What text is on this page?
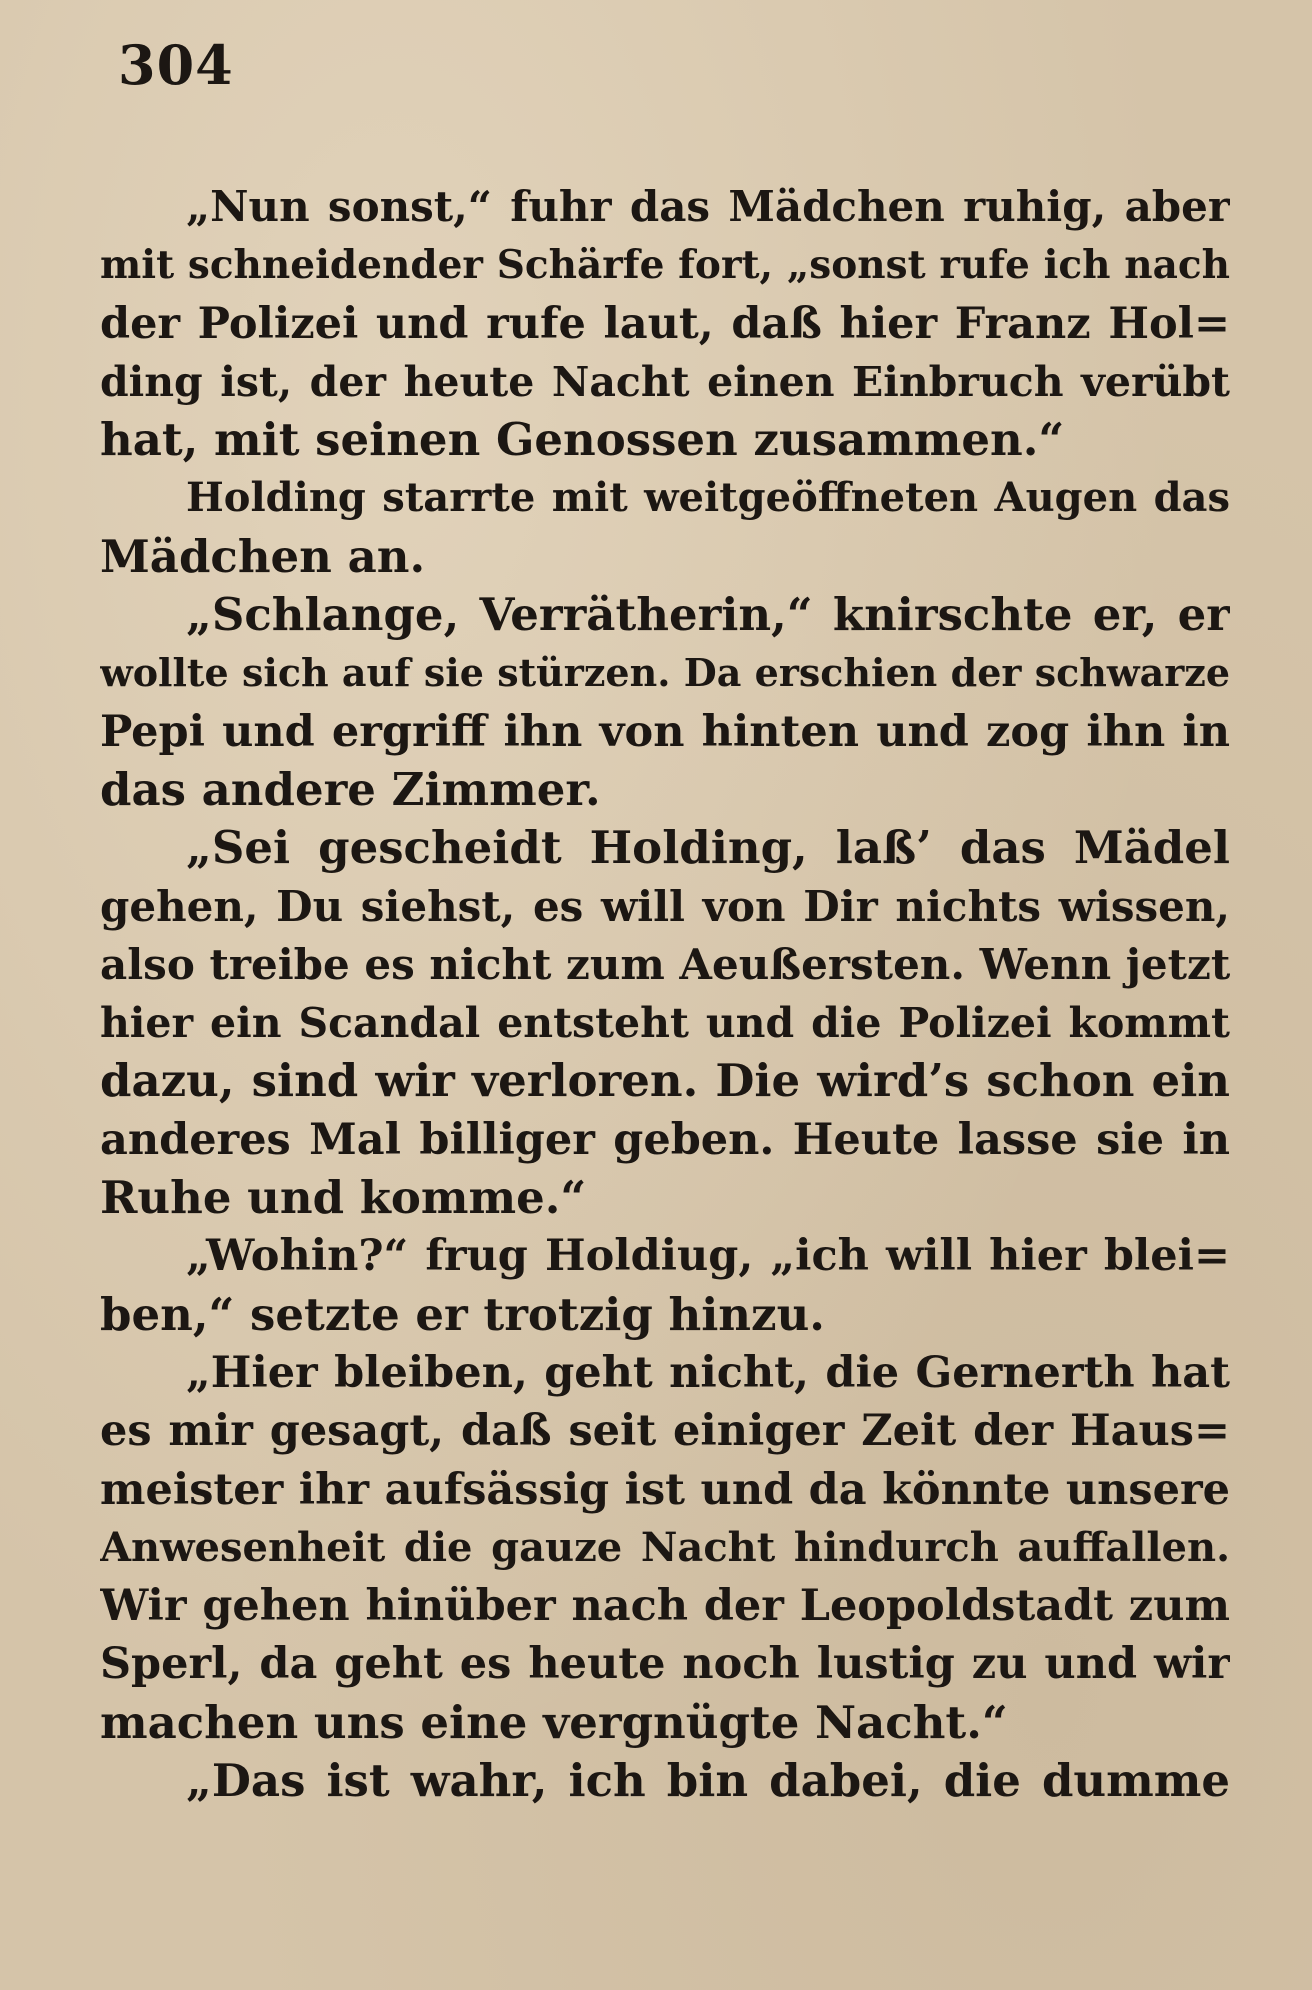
304
„Nun sonst,“ fuhr das Mädchen ruhig, aber
mit schneidender Schärfe fort, „sonst rufe ich nach
der Polizei und rufe laut, daß hier Franz Hol=
ding ist, der heute Nacht einen Einbruch verübt
hat, mit seinen Genossen zusammen.“
Holding starrte mit weitgeöffneten Augen das
Mädchen an.
„Schlange, Verrätherin,“ knirschte er, er
wollte sich auf sie stürzen. Da erschien der schwarze
Pepi und ergriff ihn von hinten und zog ihn in
das andere Zimmer.
„Sei gescheidt Holding, laß’ das Mädel
gehen, Du siehst, es will von Dir nichts wissen,
also treibe es nicht zum Aeußersten. Wenn jetzt
hier ein Scandal entsteht und die Polizei kommt
dazu, sind wir verloren. Die wird’s schon ein
anderes Mal billiger geben. Heute lasse sie in
Ruhe und komme.“
„Wohin?“ frug Holdiug, „ich will hier blei=
ben,“ setzte er trotzig hinzu.
„Hier bleiben, geht nicht, die Gernerth hat
es mir gesagt, daß seit einiger Zeit der Haus=
meister ihr aufsässig ist und da könnte unsere
Anwesenheit die gauze Nacht hindurch auffallen.
Wir gehen hinüber nach der Leopoldstadt zum
Sperl, da geht es heute noch lustig zu und wir
machen uns eine vergnügte Nacht.“
„Das ist wahr, ich bin dabei, die dumme
